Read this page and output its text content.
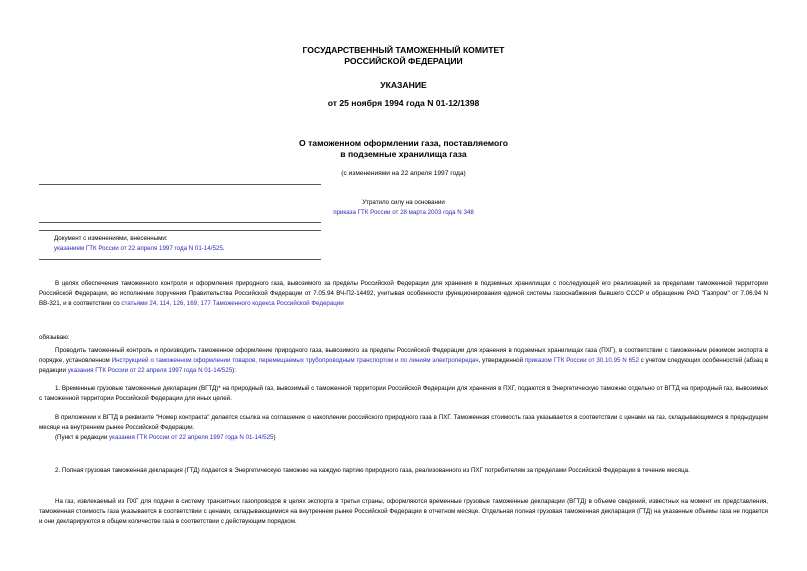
ГОСУДАРСТВЕННЫЙ ТАМОЖЕННЫЙ КОМИТЕТ
РОССИЙСКОЙ ФЕДЕРАЦИИ
УКАЗАНИЕ
от 25 ноября 1994 года N 01-12/1398
О таможенном оформлении газа, поставляемого
в подземные хранилища газа
(с изменениями на 22 апреля 1997 года)
Утратило силу на основании
приказа ГТК России от 28 марта 2003 года N 348
Документ с изменениями, внесенными:
указанием ГТК России от 22 апреля 1997 года N 01-14/525.
В целях обеспечения таможенного контроля и оформления природного газа, вывозимого за пределы Российской Федерации для хранения в подземных хранилищах с последующей его реализацией за пределами таможенной территории Российской Федерации, во исполнение поручения Правительства Российской Федерации от 7.05.94 ВЧ-П2-14492, учитывая особенности функционирования единой системы газоснабжения бывшего СССР и обращение РАО "Газпром" от 7.06.94 N ВВ-321, и в соответствии со статьями 24, 114, 126, 169, 177 Таможенного кодекса Российской Федерации
обязываю:
Проводить таможенный контроль и производить таможенное оформление природного газа, вывозимого за пределы Российской Федерации для хранения в подземных хранилищах газа (ПХГ), в соответствии с таможенным режимом экспорта в порядке, установленном Инструкцией о таможенном оформлении товаров, перемещаемых трубопроводным транспортом и по линиям электропередач, утвержденной приказом ГТК России от 30.10.95 N 652 с учетом следующих особенностей (абзац в редакции указания ГТК России от 22 апреля 1997 года N 01-14/525):
1. Временные грузовые таможенные декларации (ВГТД)* на природный газ, вывозимый с таможенной территории Российской Федерации для хранения в ПХГ, подаются в Энергетическую таможню отдельно от ВГТД на природный газ, вывозимых с таможенной территории Российской Федерации для иных целей.
В приложении к ВГТД в реквизите "Номер контракта" делается ссылка на соглашение о накоплении российского природного газа в ПХГ. Таможенная стоимость газа указывается в соответствии с ценами на газ, складывающимися в предыдущем месяце на внутреннем рынке Российской Федерации.
(Пункт в редакции указания ГТК России от 22 апреля 1997 года N 01-14/525)
2. Полная грузовая таможенная декларация (ГТД) подается в Энергетическую таможню на каждую партию природного газа, реализованного из ПХГ потребителям за пределами Российской Федерации в течение месяца.
На газ, извлекаемый из ПХГ для подачи в систему транзитных газопроводов в целях экспорта в третьи страны, оформляются временные грузовые таможенные декларации (ВГТД) в объеме сведений, известных на момент их представления, таможенная стоимость газа указывается в соответствии с ценами, складывающимися на внутреннем рынке Российской Федерации в отчетном месяце. Отдельная полная грузовая таможенная декларация (ГТД) на указанные объемы газа не подается и они декларируются в общем количестве газа в соответствии с действующим порядком.
